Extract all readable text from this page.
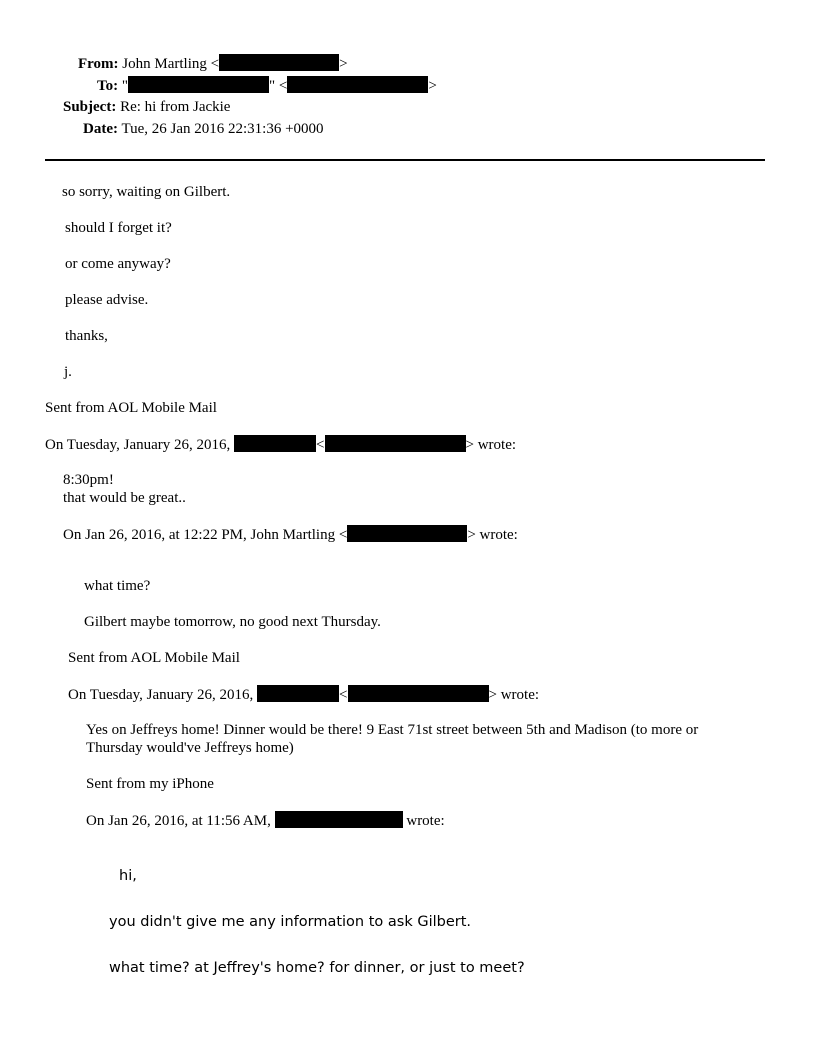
From: John Martling <	>
To: "	" <	>
Subject: Re: hi from Jackie
Date: Tue, 26 Jan 2016 22:31:36 +0000
so sorry, waiting on Gilbert.
should I forget it?
or come anyway?
please advise.
thanks,
j.
Sent from AOL Mobile Mail
On Tuesday, January 26, 2016,	<	> wrote:
8:30pm!
that would be great..
On Jan 26, 2016, at 12:22 PM, John Martling <	> wrote:
what time?
Gilbert maybe tomorrow, no good next Thursday.
Sent from AOL Mobile Mail
On Tuesday, January 26, 2016,	<	> wrote:
Yes on Jeffreys home! Dinner would be there! 9 East 71st street between 5th and Madison (to more or
Thursday would've Jeffreys home)
Sent from my iPhone
On Jan 26, 2016, at 11:56 AM,	wrote:
hi,
you didn't give me any information to ask Gilbert.
what time? at Jeffrey's home? for dinner, or just to meet?
